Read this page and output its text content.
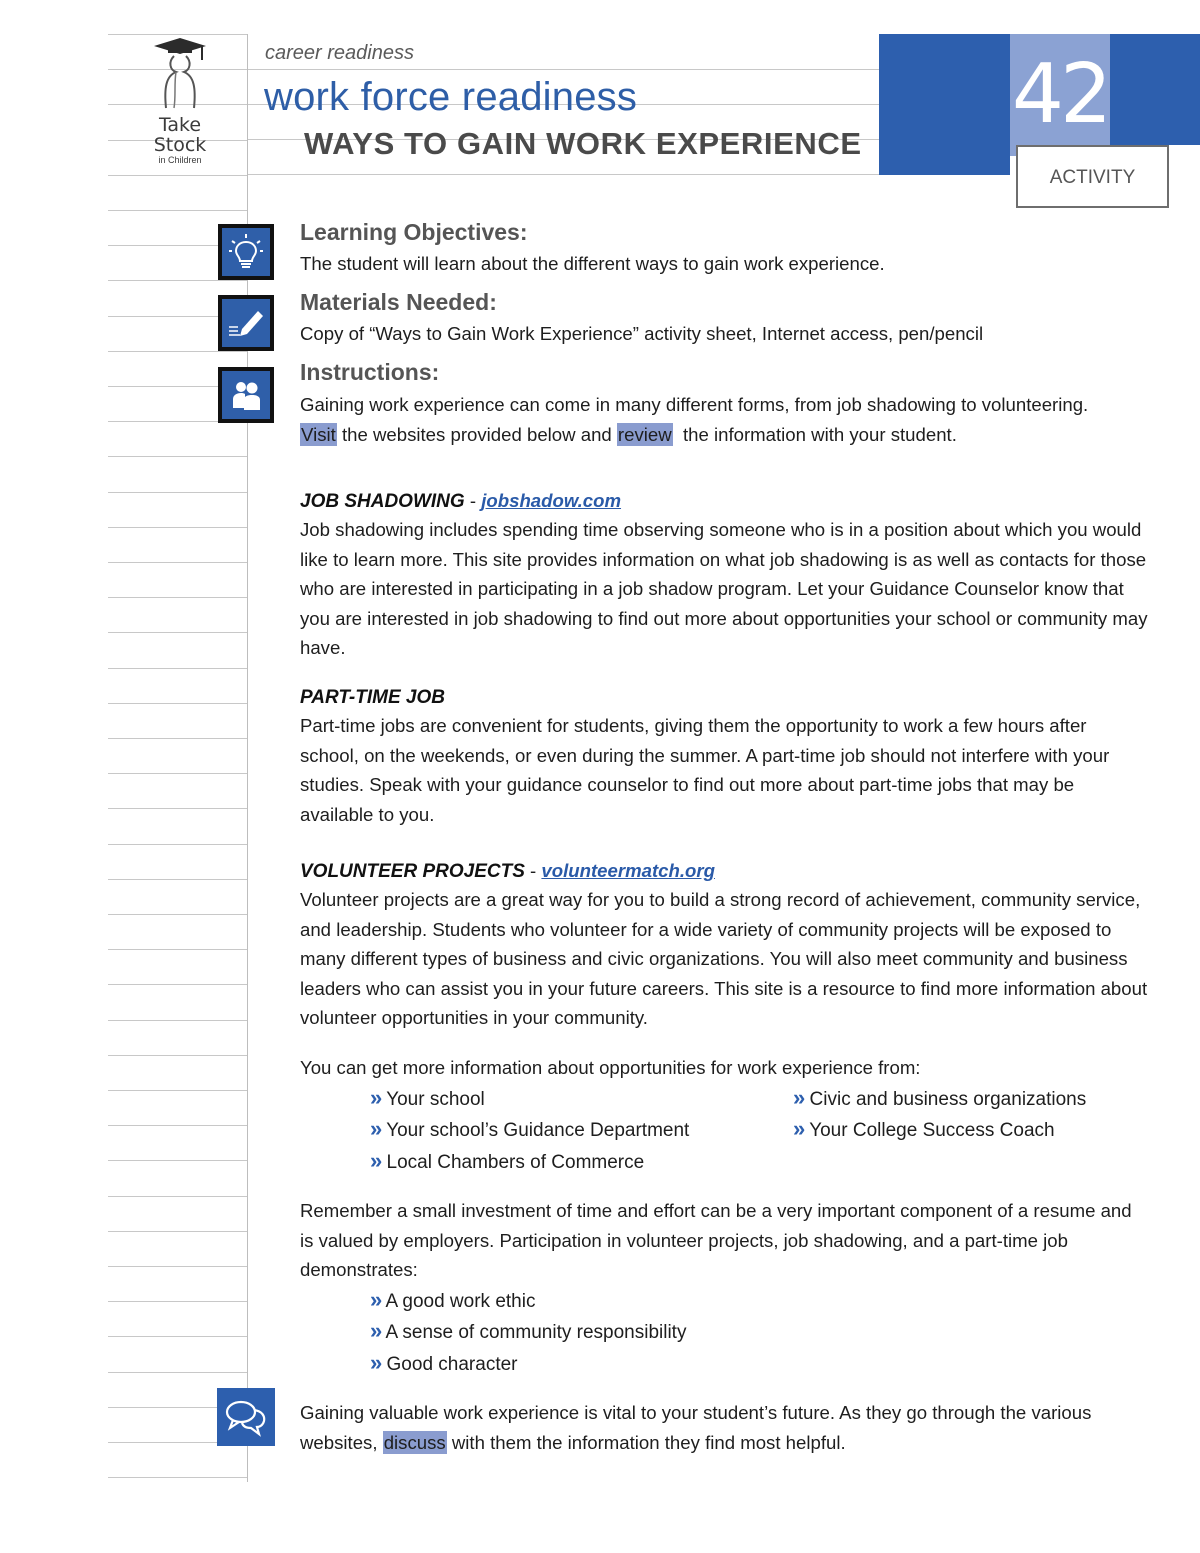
Take
Stock
in Children
career readiness
work force readiness
WAYS TO GAIN WORK EXPERIENCE
42
ACTIVITY
Learning Objectives:
The student will learn about the different ways to gain work experience.
Materials Needed:
Copy of “Ways to Gain Work Experience” activity sheet, Internet access, pen/pencil
Instructions:
Gaining work experience can come in many different forms, from job shadowing to volunteering.
Visit the websites provided below and review  the information with your student.
JOB SHADOWING - jobshadow.com
Job shadowing includes spending time observing someone who is in a position about which you would like to learn more. This site provides information on what job shadowing is as well as contacts for those who are interested in participating in a job shadow program. Let your Guidance Counselor know that you are interested in job shadowing to find out more about opportunities your school or community may have.
PART-TIME JOB
Part-time jobs are convenient for students, giving them the opportunity to work a few hours after school, on the weekends, or even during the summer. A part-time job should not interfere with your studies. Speak with your guidance counselor to find out more about part-time jobs that may be available to you.
VOLUNTEER PROJECTS - volunteermatch.org
Volunteer projects are a great way for you to build a strong record of achievement, community service, and leadership. Students who volunteer for a wide variety of community projects will be exposed to many different types of business and civic organizations. You will also meet community and business leaders who can assist you in your future careers. This site is a resource to find more information about volunteer opportunities in your community.
You can get more information about opportunities for work experience from:
» Your school
» Your school’s Guidance Department
» Local Chambers of Commerce
» Civic and business organizations
» Your College Success Coach
Remember a small investment of time and effort can be a very important component of a resume and is valued by employers. Participation in volunteer projects, job shadowing, and a part-time job demonstrates:
» A good work ethic
» A sense of community responsibility
» Good character
Gaining valuable work experience is vital to your student’s future. As they go through the various websites, discuss with them the information they find most helpful.
